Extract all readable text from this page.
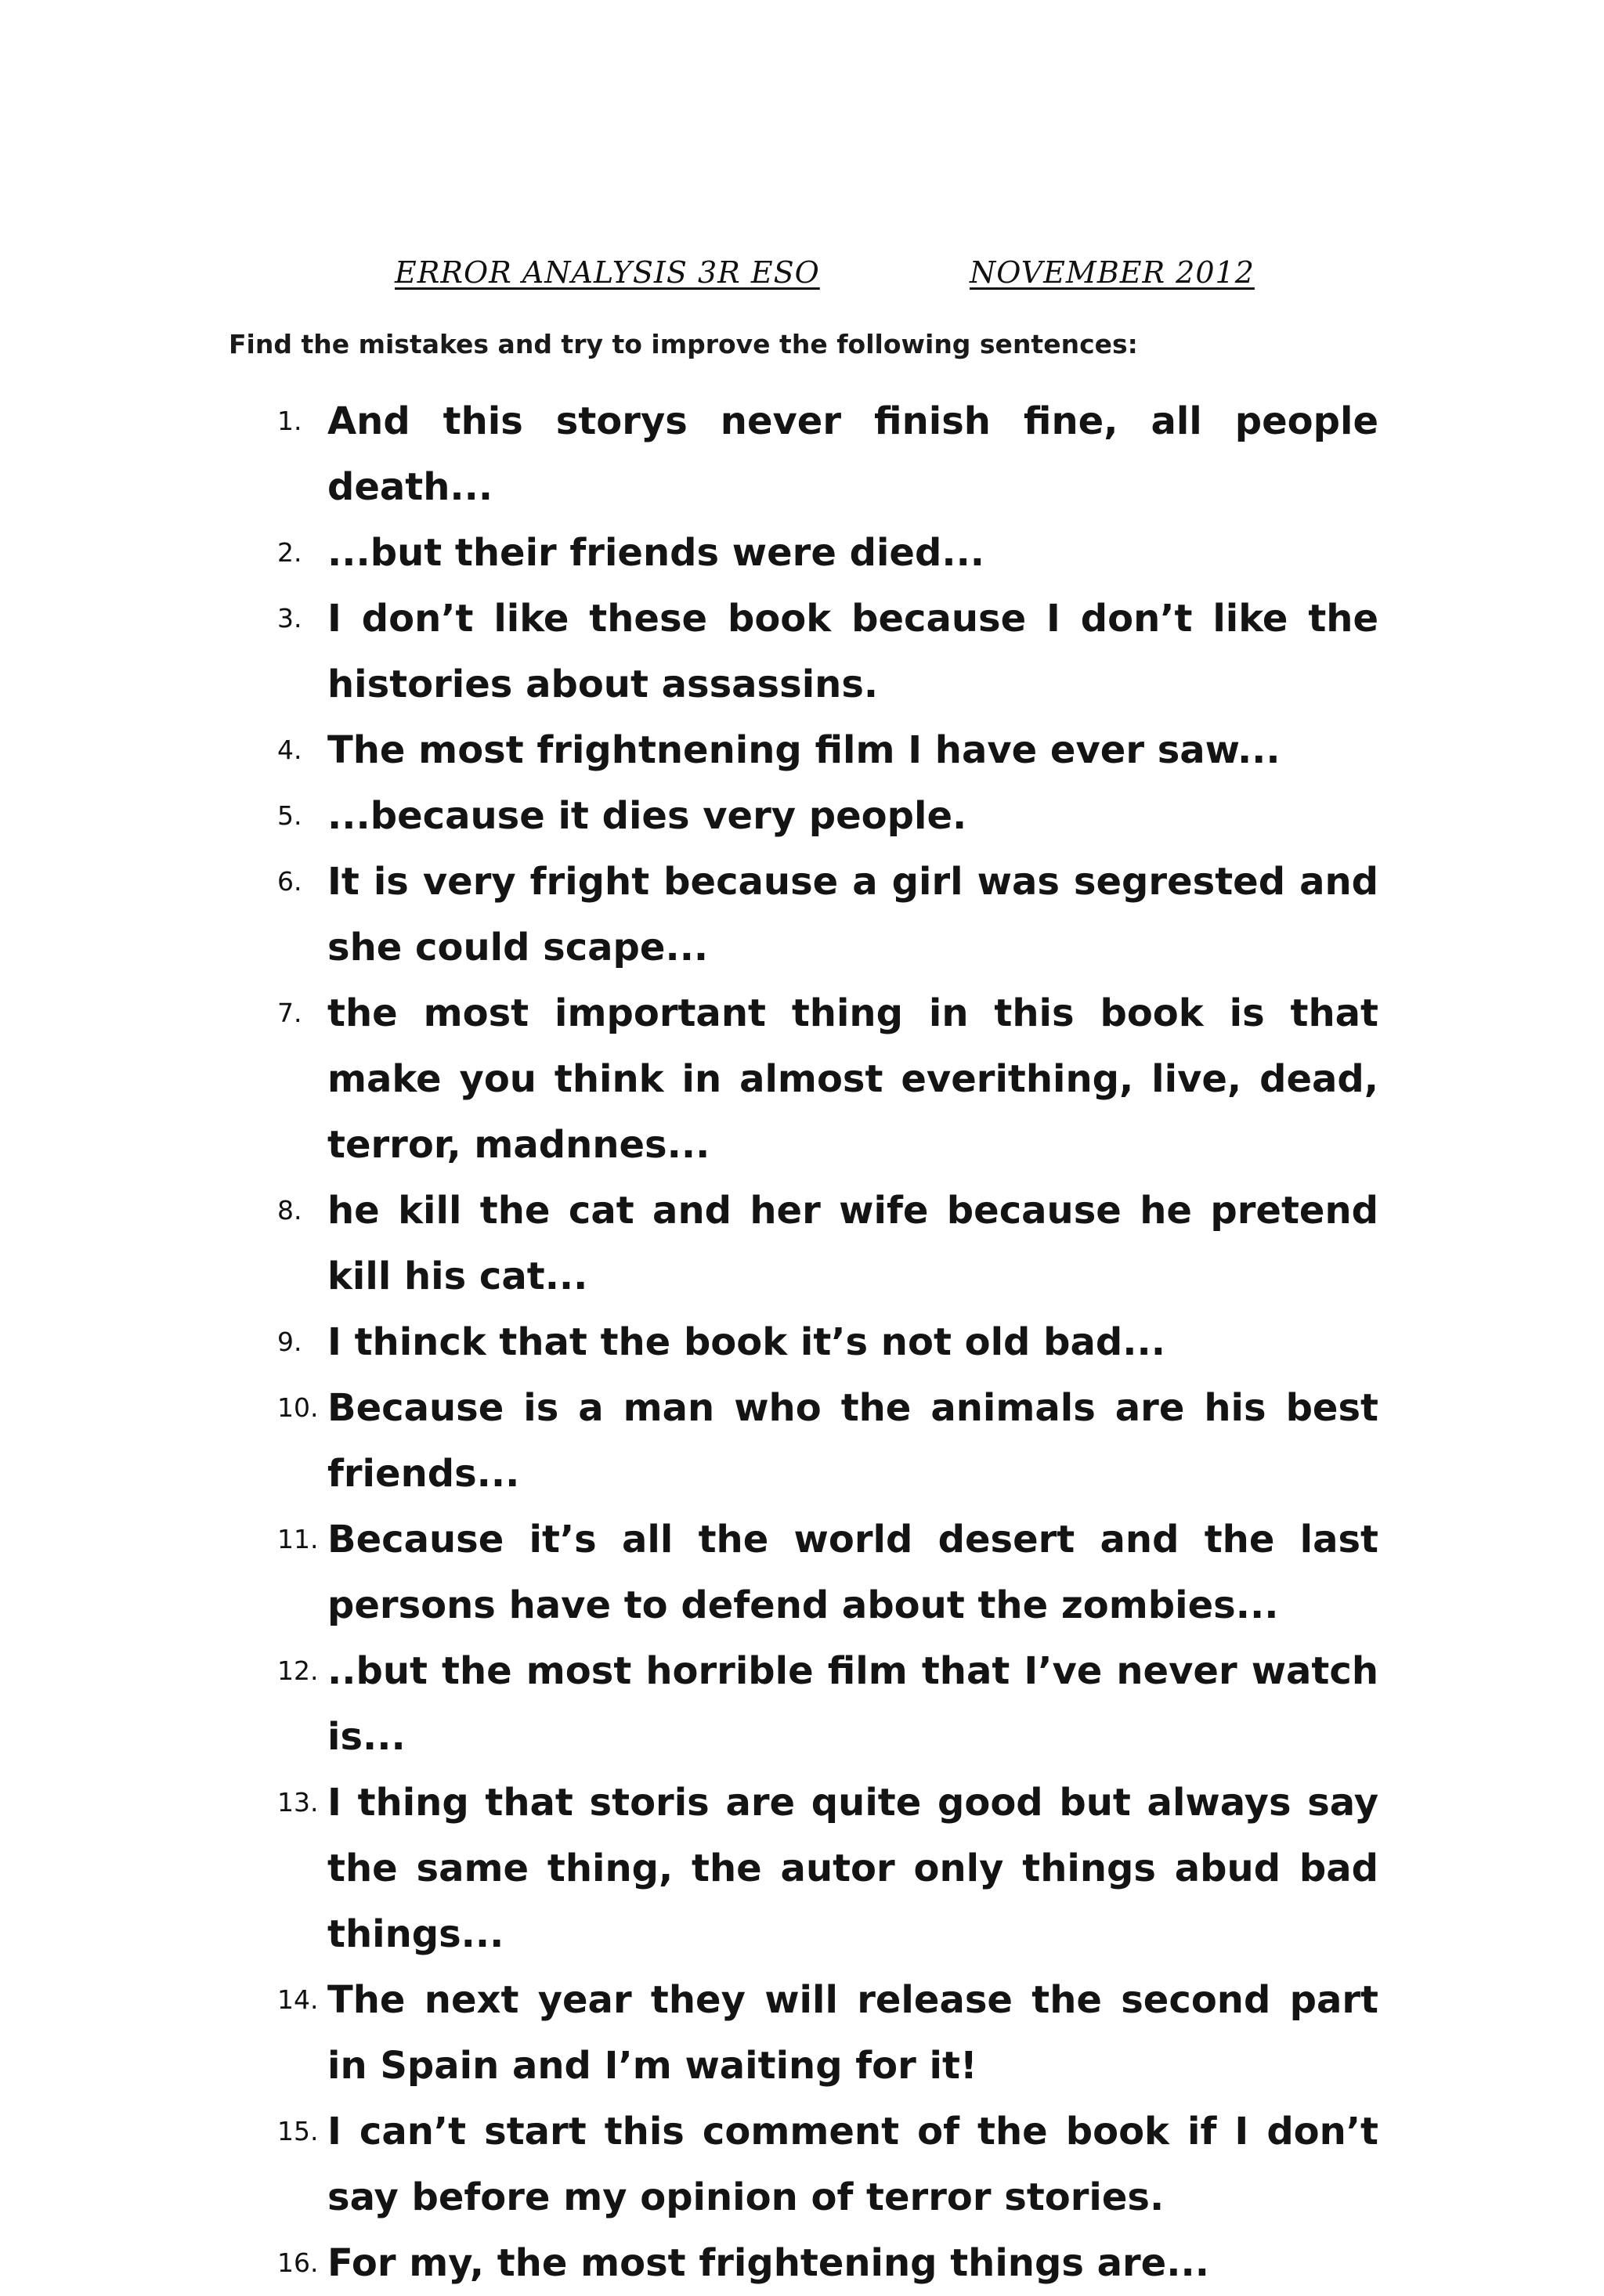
ERROR ANALYSIS 3R ESO	NOVEMBER 2012
Find the mistakes and try to improve the following sentences:
1. And this storys never finish fine, all people death...
2. ...but their friends were died...
3. I don’t like these book because I don’t like the histories about assassins.
4. The most frightnening film I have ever saw...
5. ...because it dies very people.
6. It is very fright because a girl was segrested and she could scape...
7. the most important thing in this book is that make you think in almost everithing, live, dead, terror, madnnes...
8. he kill the cat and her wife because he pretend kill his cat...
9. I thinck that the book it’s not old bad...
10. Because is a man who the animals are his best friends...
11. Because it’s all the world desert and the last persons have to defend about the zombies...
12. ..but the most horrible film that I’ve never watch is...
13. I thing that storis are quite good but always say the same thing, the autor only things abud bad things...
14. The next year they will release the second part in Spain and I’m waiting for it!
15. I can’t start this comment of the book if I don’t say before my opinion of terror stories.
16. For my, the most frightening things are...
